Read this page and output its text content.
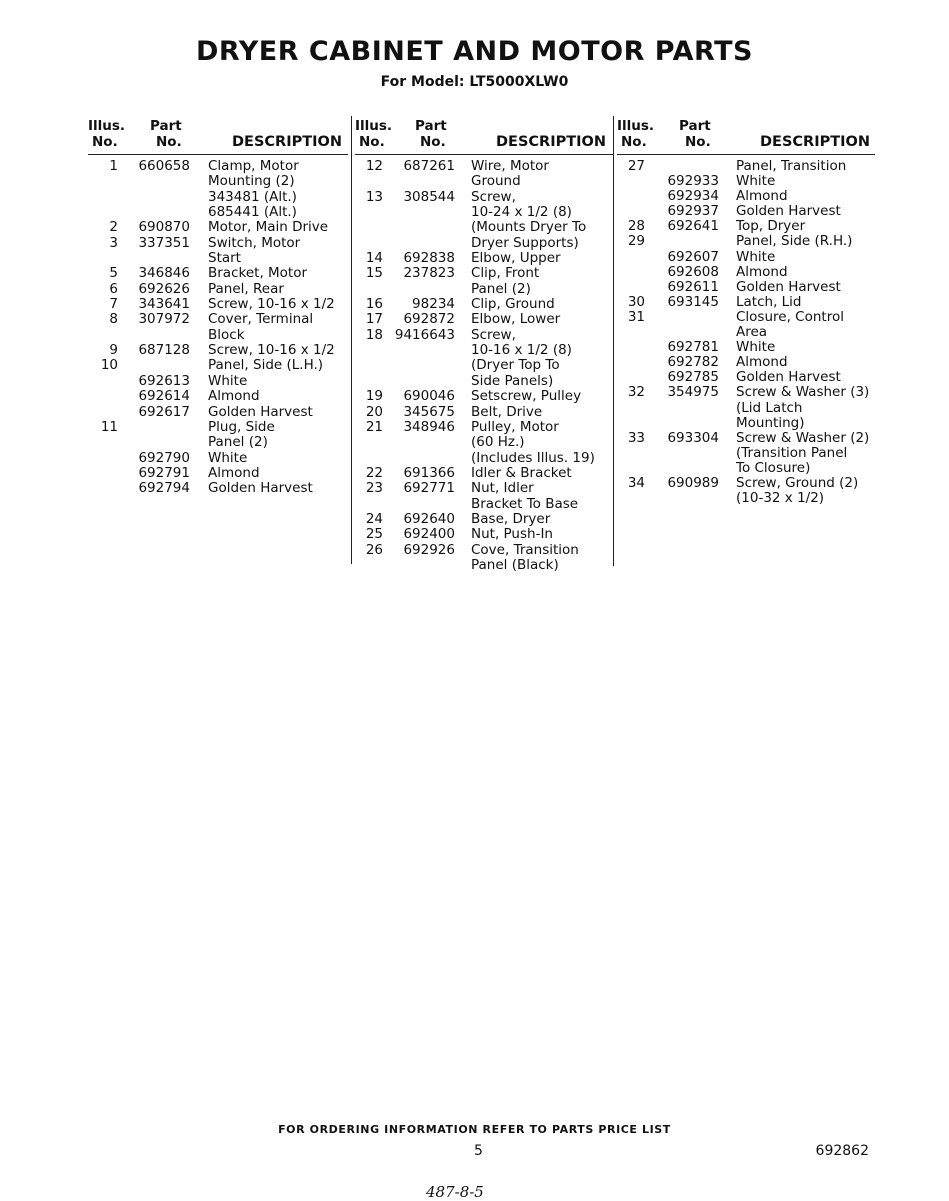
DRYER CABINET AND MOTOR PARTS
For Model: LT5000XLW0
Illus.
No.
Part
No.	DESCRIPTION
1	660658 Clamp, Motor
Mounting (2)
343481 (Alt.)
685441 (Alt.)
2	690870 Motor, Main Drive
3	337351 Switch, Motor
Start
5	346846 Bracket, Motor
6	692626 Panel, Rear
7	343641 Screw, 10-16 x 1/2
8	307972 Cover, Terminal
Block
9	687128 Screw, 10-16 x 1/2
10	Panel, Side (L.H.)
692613 White
692614 Almond
692617 Golden Harvest
11	Plug, Side
Panel (2)
692790 White
692791 Almond
692794 Golden Harvest
Illus.
No.
Part
No.	DESCRIPTION
12	687261 Wire, Motor
Ground
13	308544 Screw,
10-24 x 1/2 (8)
(Mounts Dryer To
Dryer Supports)
14	692838 Elbow, Upper
15	237823 Clip, Front
Panel (2)
16	98234 Clip, Ground
17	692872 Elbow, Lower
18 9416643 Screw,
10-16 x 1/2 (8)
(Dryer Top To
Side Panels)
19	690046 Setscrew, Pulley
20	345675 Belt, Drive
21	348946 Pulley, Motor
(60 Hz.)
(Includes Illus. 19)
22	691366 Idler & Bracket
23	692771 Nut, Idler
Bracket To Base
24	692640 Base, Dryer
25	692400 Nut, Push-In
26	692926 Cove, Transition
Panel (Black)
Illus.
No.
Part
No.	DESCRIPTION
27	Panel, Transition
692933 White
692934 Almond
692937 Golden Harvest
28	692641 Top, Dryer
29	Panel, Side (R.H.)
692607 White
692608 Almond
692611 Golden Harvest
30	693145 Latch, Lid
31	Closure, Control
Area
692781 White
692782 Almond
692785 Golden Harvest
32	354975 Screw & Washer (3)
(Lid Latch
Mounting)
33	693304 Screw & Washer (2)
(Transition Panel
To Closure)
34	690989 Screw, Ground (2)
(10-32 x 1/2)
FOR ORDERING INFORMATION REFER TO PARTS PRICE LIST
5	692862
487-8-5
